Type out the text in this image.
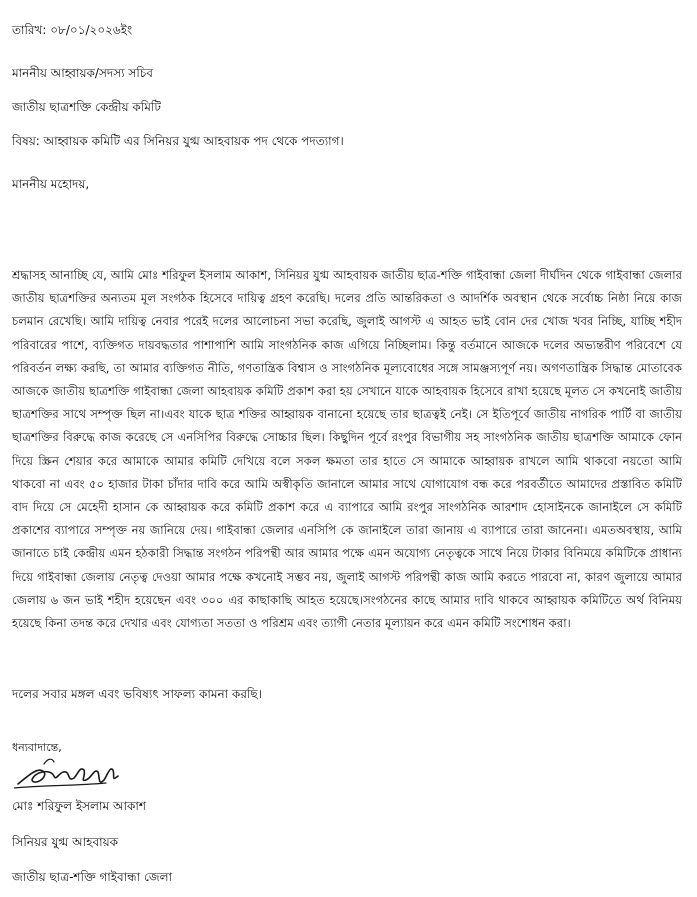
তারিখ: ০৮/০১/২০২৬ইং
মাননীয় আহ্বায়ক/সদস্য সচিব
জাতীয় ছাত্রশক্তি কেন্দ্রীয় কমিটি
বিষয়: আহ্বায়ক কমিটি এর সিনিয়র যুগ্ম আহবায়ক পদ থেকে পদত্যাগ।
মাননীয় মহোদয়,

শ্রদ্ধাসহ আনাচ্ছি যে, আমি মোঃ শরিফুল ইসলাম আকাশ, সিনিয়র যুগ্ম আহবায়ক জাতীয় ছাত্র-শক্তি গাইবান্ধা জেলা দীর্ঘদিন থেকে গাইবান্ধা জেলার জাতীয় ছাত্রশক্তির অন্যতম মূল সংগঠক হিসেবে দায়িত্ব গ্রহণ করেছি। দলের প্রতি আন্তরিকতা ও আদর্শিক অবস্থান থেকে সর্বোচ্চ নিষ্ঠা নিয়ে কাজ চলমান রেখেছি। আমি দায়িত্ব নেবার পরেই দলের আলোচনা সভা করেছি, জুলাই আগস্ট এ আহত ভাই বোন দের খোজ খবর নিচ্ছি, যাচ্ছি শহীদ পরিবারের পাশে, ব্যক্তিগত দায়বদ্ধতার পাশাপাশি আমি সাংগঠনিক কাজ এগিয়ে নিচ্ছিলাম। কিন্তু বর্তমানে আজকে দলের অভ্যন্তরীণ পরিবেশে যে পরিবর্তন লক্ষ্য করছি, তা আমার ব্যক্তিগত নীতি, গণতান্ত্রিক বিশ্বাস ও সাংগঠনিক মূল্যবোধের সঙ্গে সামঞ্জস্যপূর্ণ নয়। অগণতান্ত্রিক সিদ্ধান্ত মোতাবেক আজকে জাতীয় ছাত্রশক্তি গাইবান্ধা জেলা আহবায়ক কমিটি প্রকাশ করা হয় সেখানে যাকে আহবায়ক হিসেবে রাখা হয়েছে মূলত সে কখনোই জাতীয় ছাত্রশক্তির সাথে সম্পৃক্ত ছিল না।এবং যাকে ছাত্র শক্তির আহ্বায়ক বানানো হয়েছে তার ছাত্রত্বই নেই। সে ইতিপূর্বে জাতীয় নাগরিক পার্টি বা জাতীয় ছাত্রশক্তির বিরুদ্ধে কাজ করেছে সে এনসিপির বিরুদ্ধে সোচ্চার ছিল। কিছুদিন পূর্বে রংপুর বিভাগীয় সহ সাংগঠনিক জাতীয় ছাত্রশক্তি আমাকে ফোন দিয়ে স্ক্রিন শেয়ার করে আমাকে আমার কমিটি দেখিয়ে বলে সকল ক্ষমতা তার হাতে সে আমাকে আহ্বায়ক রাখলে আমি থাকবো নয়তো আমি থাকবো না এবং ৫০ হাজার টাকা চাঁদার দাবি করে আমি অস্বীকৃতি জানালে আমার সাথে যোগাযোগ বন্ধ করে পরবর্তীতে আমাদের প্রস্তাবিত কমিটি বাদ দিয়ে সে মেহেদী হাসান কে আহ্বায়ক করে কমিটি প্রকাশ করে এ ব্যাপারে আমি রংপুর সাংগঠনিক আরশাদ হোসাইনকে জানাইলে সে কমিটি প্রকাশের ব্যাপারে সম্পৃক্ত নয় জানিয়ে দেয়। গাইবান্ধা জেলার এনসিপি কে জানাইলে তারা জানায় এ ব্যাপারে তারা জানেনা। এমতঅবস্থায়, আমি জানাতে চাই কেন্দ্রীয় এমন হঠকারী সিদ্ধান্ত সংগঠন পরিপন্থী আর আমার পক্ষে এমন অযোগ্য নেতৃত্বকে সাথে নিয়ে টাকার বিনিময়ে কমিটিকে প্রাধান্য দিয়ে গাইবান্ধা জেলায় নেতৃত্ব দেওয়া আমার পক্ষে কখনোই সম্ভব নয়, জুলাই আগস্ট পরিপন্থী কাজ আমি করতে পারবো না, কারণ জুলায়ে আমার জেলায় ৬ জন ভাই শহীদ হয়েছেন এবং ৩০০ এর কাছাকাছি আহত হয়েছে।সংগঠনের কাছে আমার দাবি থাকবে আহ্বায়ক কমিটিতে অর্থ বিনিময় হয়েছে কিনা তদন্ত করে দেখার এবং যোগ্যতা সততা ও পরিশ্রম এবং ত্যাগী নেতার মূল্যায়ন করে এমন কমিটি সংশোধন করা।

দলের সবার মঙ্গল এবং ভবিষ্যৎ সাফল্য কামনা করছি।
ধন্যবাদান্তে,
মোঃ শরিফুল ইসলাম আকাশ
সিনিয়র যুগ্ম আহবায়ক
জাতীয় ছাত্র-শক্তি গাইবান্ধা জেলা
